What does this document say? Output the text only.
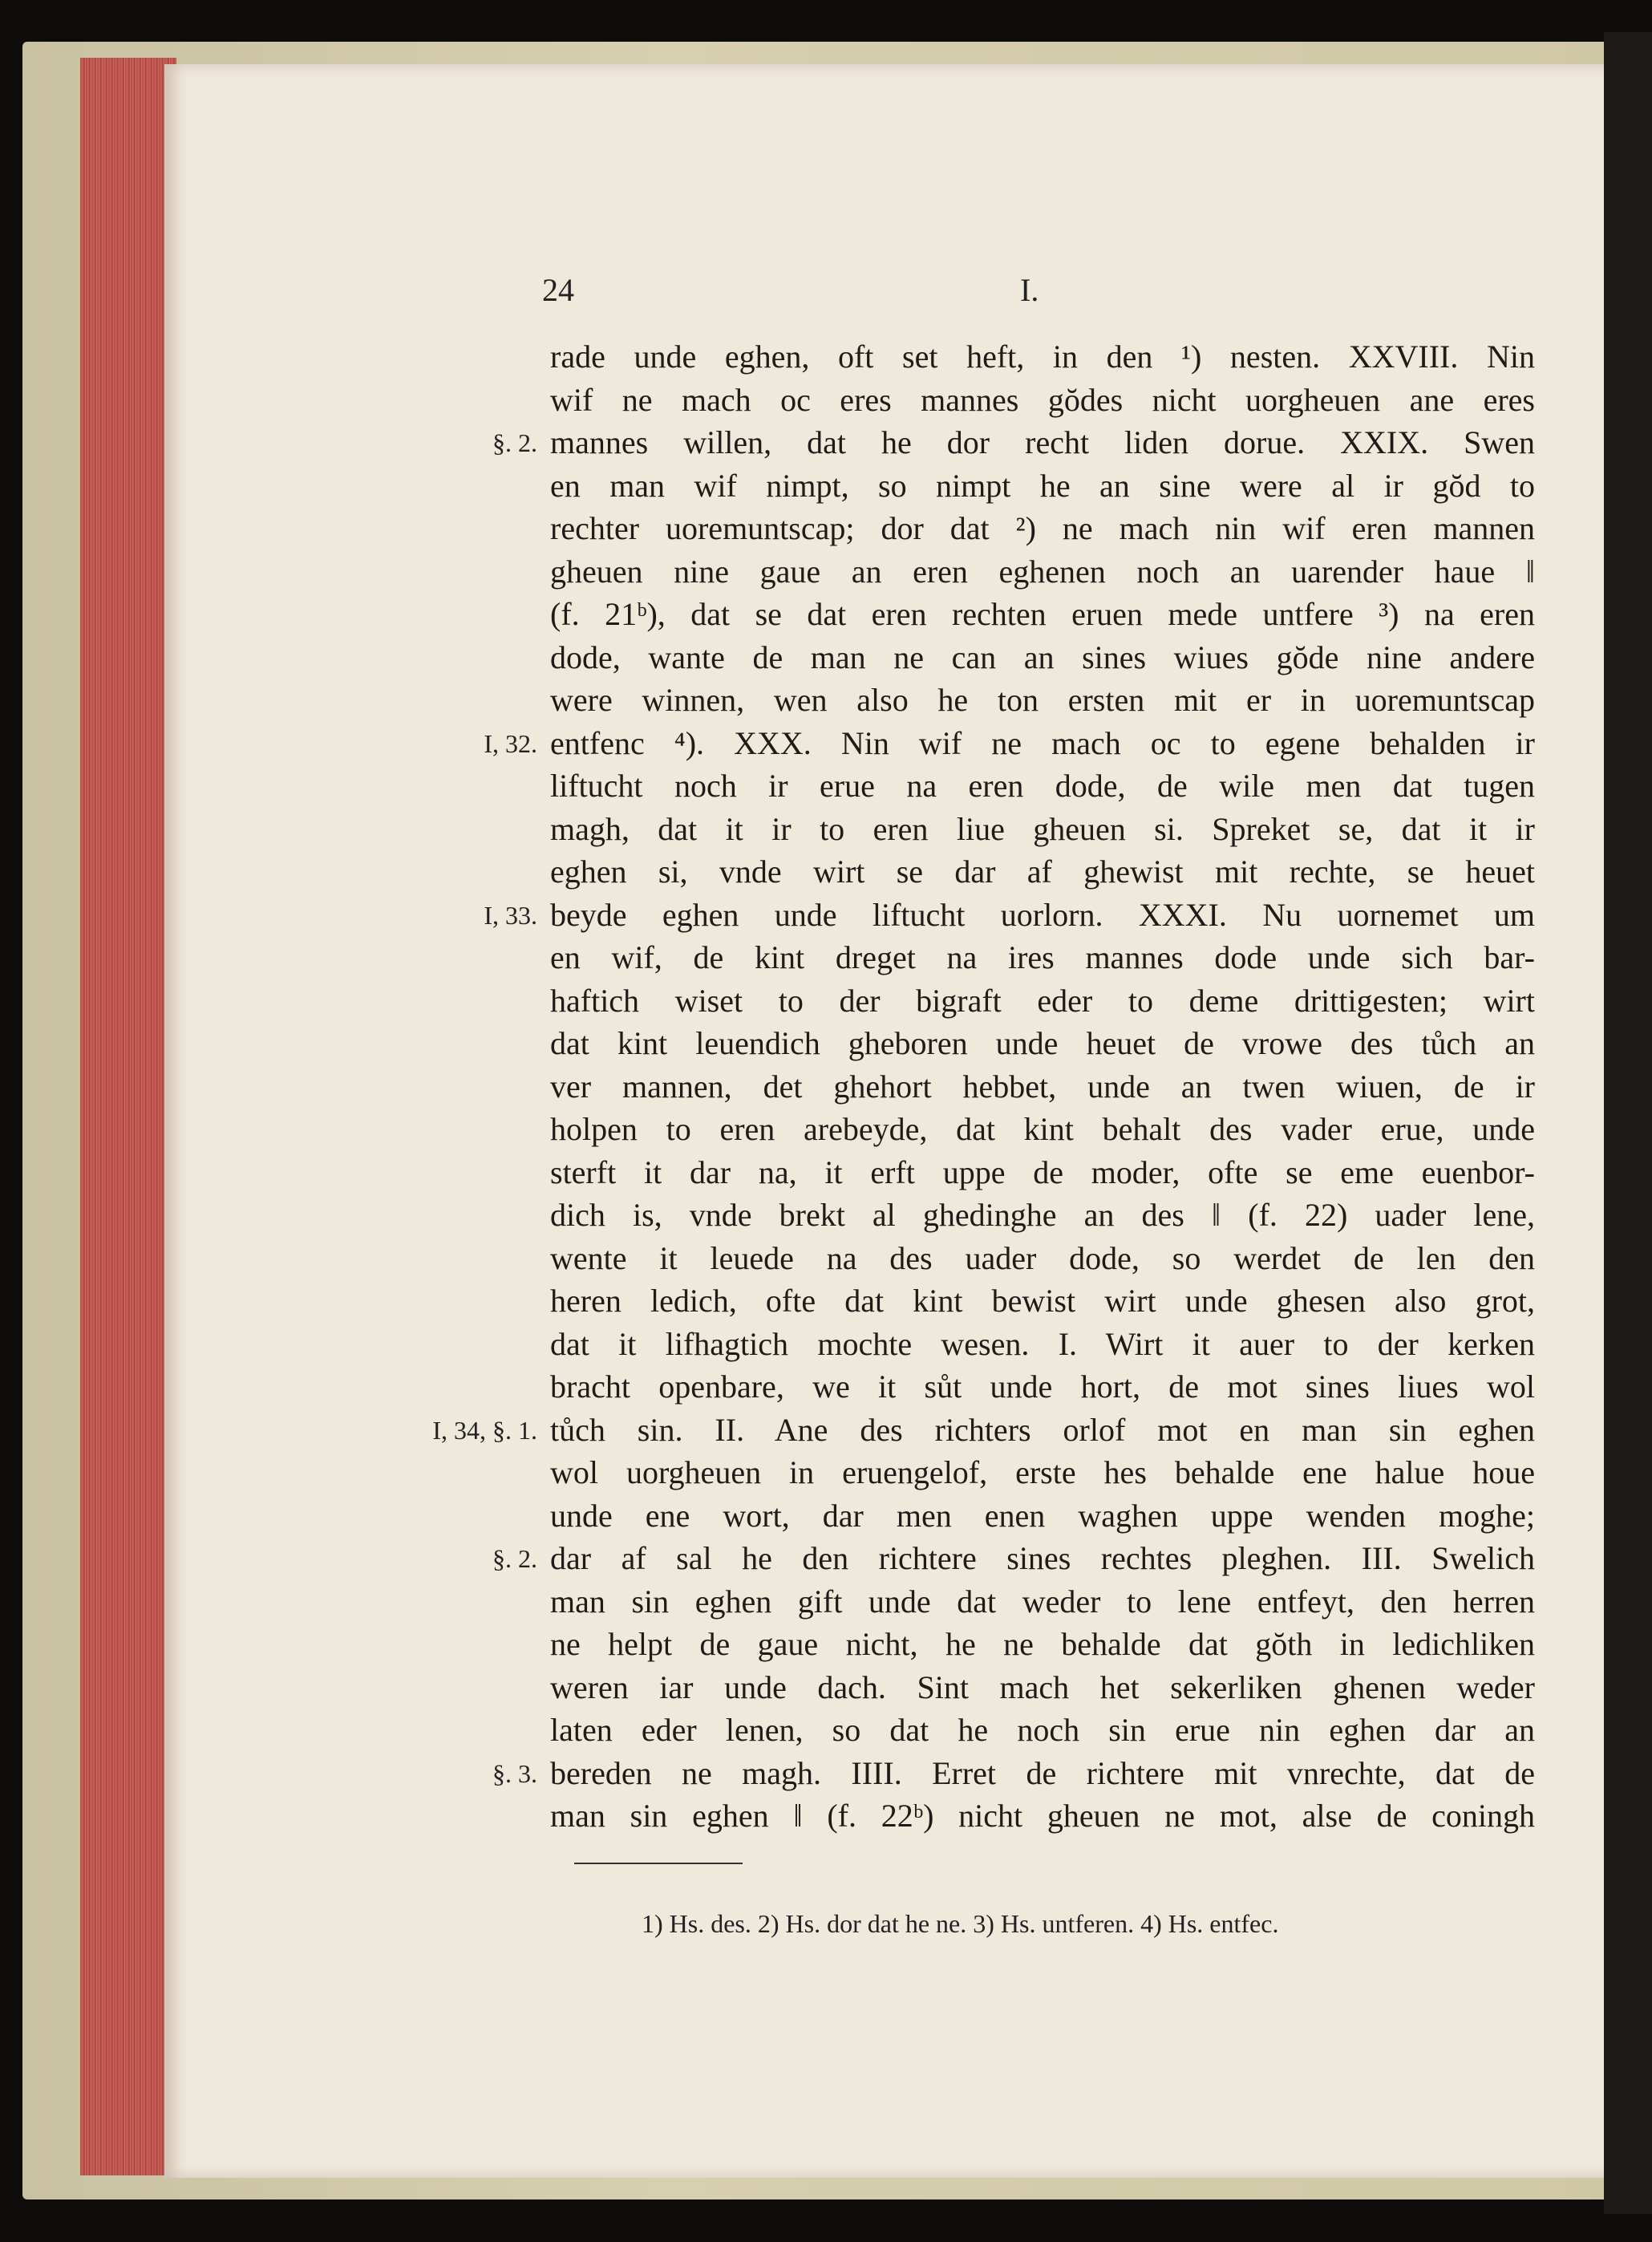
24	I.
rade unde eghen, oft set heft, in den ¹) nesten. XXVIII. Nin
wif ne mach oc eres mannes gŏdes nicht uorgheuen ane eres
mannes willen, dat he dor recht liden dorue. XXIX. Swen
en man wif nimpt, so nimpt he an sine were al ir gŏd to
rechter uoremuntscap; dor dat ²) ne mach nin wif eren mannen
gheuen nine gaue an eren eghenen noch an uarender haue ‖
(f. 21ᵇ), dat se dat eren rechten eruen mede untfere ³) na eren
dode, wante de man ne can an sines wiues gŏde nine andere
were winnen, wen also he ton ersten mit er in uoremuntscap
entfenc ⁴). XXX. Nin wif ne mach oc to egene behalden ir
liftucht noch ir erue na eren dode, de wile men dat tugen
magh, dat it ir to eren liue gheuen si. Spreket se, dat it ir
eghen si, vnde wirt se dar af ghewist mit rechte, se heuet
beyde eghen unde liftucht uorlorn. XXXI. Nu uornemet um
en wif, de kint dreget na ires mannes dode unde sich bar-
haftich wiset to der bigraft eder to deme drittigesten; wirt
dat kint leuendich gheboren unde heuet de vrowe des tůch an
ver mannen, det ghehort hebbet, unde an twen wiuen, de ir
holpen to eren arebeyde, dat kint behalt des vader erue, unde
sterft it dar na, it erft uppe de moder, ofte se eme euenbor-
dich is, vnde brekt al ghedinghe an des ‖ (f. 22) uader lene,
wente it leuede na des uader dode, so werdet de len den
heren ledich, ofte dat kint bewist wirt unde ghesen also grot,
dat it lifhagtich mochte wesen. I. Wirt it auer to der kerken
bracht openbare, we it sůt unde hort, de mot sines liues wol
tůch sin. II. Ane des richters orlof mot en man sin eghen
wol uorgheuen in eruengelof, erste hes behalde ene halue houe
unde ene wort, dar men enen waghen uppe wenden moghe;
dar af sal he den richtere sines rechtes pleghen. III. Swelich
man sin eghen gift unde dat weder to lene entfeyt, den herren
ne helpt de gaue nicht, he ne behalde dat gŏth in ledichliken
weren iar unde dach. Sint mach het sekerliken ghenen weder
laten eder lenen, so dat he noch sin erue nin eghen dar an
bereden ne magh. IIII. Erret de richtere mit vnrechte, dat de
man sin eghen ‖ (f. 22ᵇ) nicht gheuen ne mot, alse de coningh
§. 2.
I, 32.
I, 33.
I, 34, §. 1.
§. 2.
§. 3.
1) Hs. des. 2) Hs. dor dat he ne. 3) Hs. untferen. 4) Hs. entfec.
